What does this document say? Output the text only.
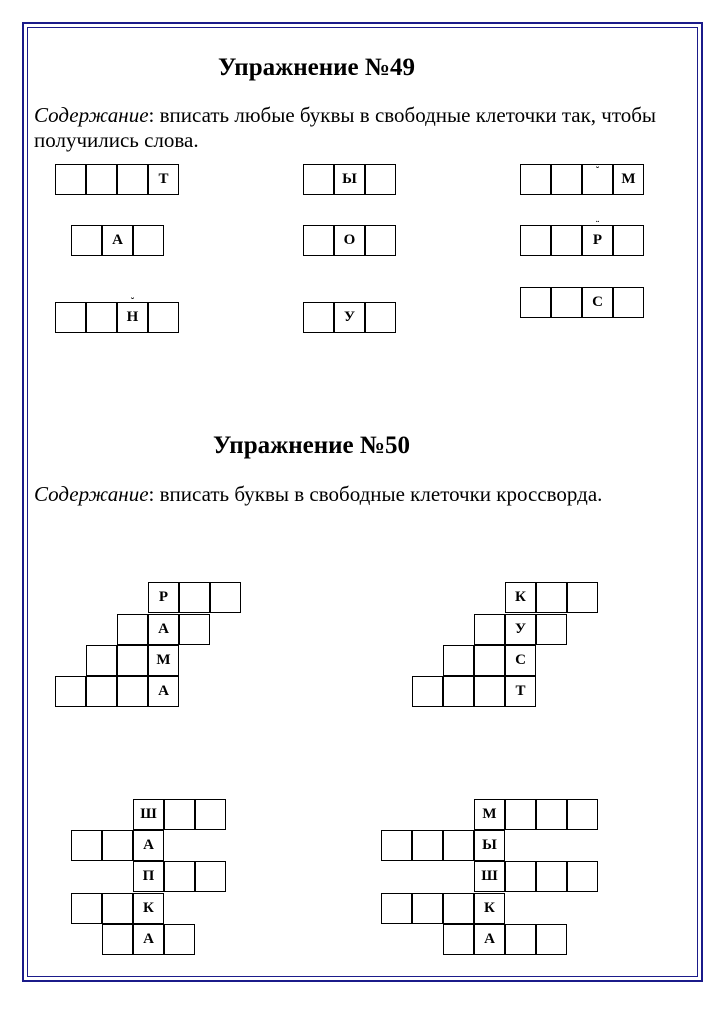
Упражнение №49
Содержание: вписать любые буквы в свободные клеточки так, чтобы получились слова.
Т	Ы	˘ М
А	О
¨
Р
˘
Н	У
С
Упражнение №50
Содержание: вписать буквы в свободные клеточки кроссворда.
Р
А
М
А
К
У
С
Т
Ш
А
П
К
А
М
Ы
Ш
К
А
